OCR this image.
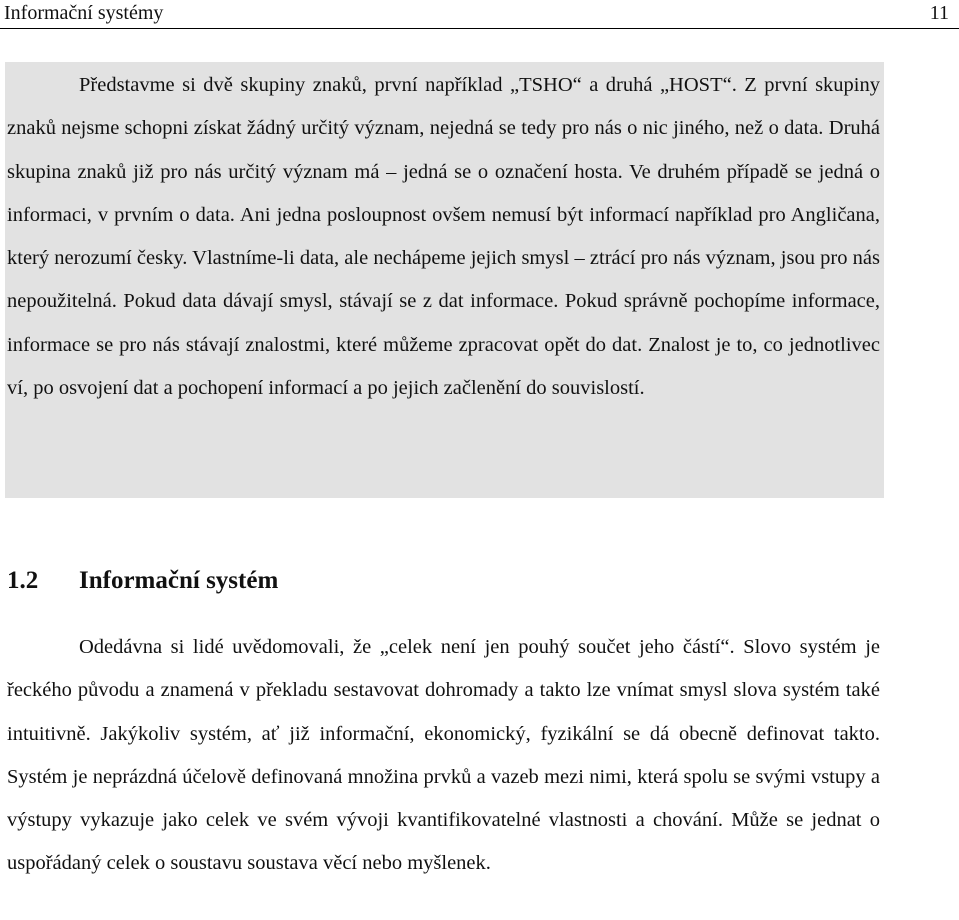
Informační systémy	11

Představme si dvě skupiny znaků, první například „TSHO“ a druhá „HOST“. Z první skupiny znaků nejsme schopni získat žádný určitý význam, nejedná se tedy pro nás o nic jiného, než o data. Druhá skupina znaků již pro nás určitý význam má – jedná se o označení hosta. Ve druhém případě se jedná o informaci, v prvním o data. Ani jedna posloupnost ovšem nemusí být informací například pro Angličana, který nerozumí česky. Vlastníme-li data, ale nechápeme jejich smysl – ztrácí pro nás význam, jsou pro nás nepoužitelná. Pokud data dávají smysl, stávají se z dat informace. Pokud správně pochopíme informace, informace se pro nás stávají znalostmi, které můžeme zpracovat opět do dat. Znalost je to, co jednotlivec ví, po osvojení dat a pochopení informací a po jejich začlenění do souvislostí.

1.2 Informační systém

Odedávna si lidé uvědomovali, že „celek není jen pouhý součet jeho částí“. Slovo systém je řeckého původu a znamená v překladu sestavovat dohromady a takto lze vnímat smysl slova systém také intuitivně. Jakýkoliv systém, ať již informační, ekonomický, fyzikální se dá obecně definovat takto. Systém je neprázdná účelově definovaná množina prvků a vazeb mezi nimi, která spolu se svými vstupy a výstupy vykazuje jako celek ve svém vývoji kvantifikovatelné vlastnosti a chování. Může se jednat o uspořádaný celek o soustavu soustava věcí nebo myšlenek.
